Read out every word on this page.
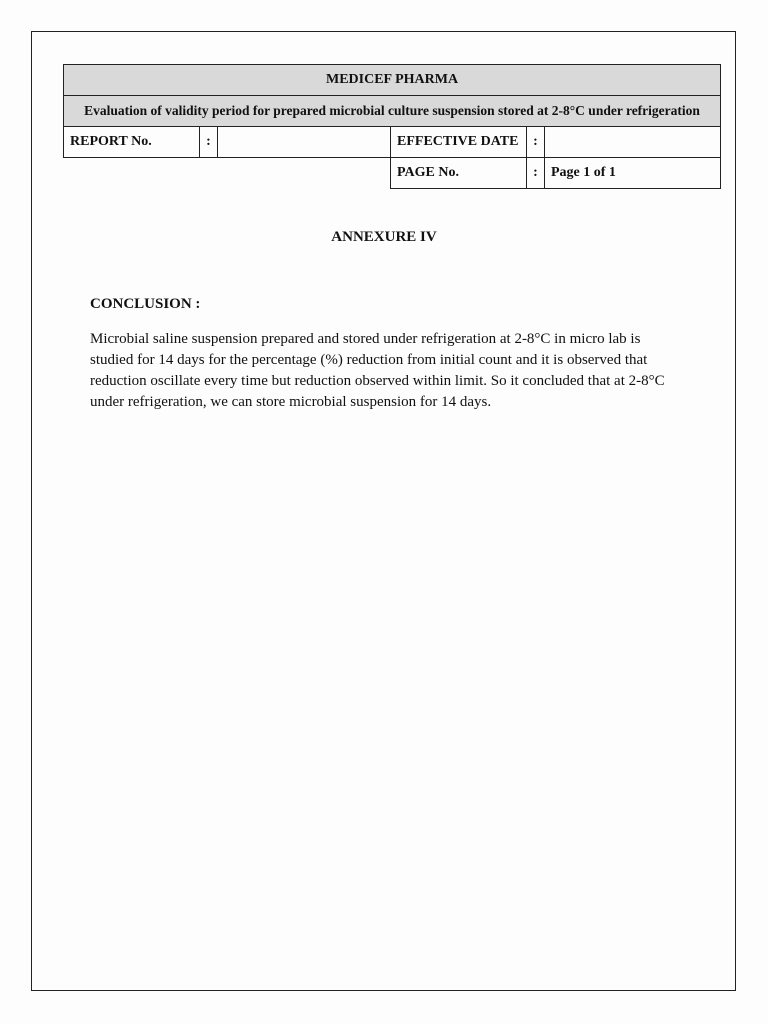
MEDICEF PHARMA					
Evaluation of validity period for prepared microbial culture suspension stored at 2-8°C under refrigeration					
REPORT No.	:		EFFECTIVE DATE	:	
			PAGE No.	:	Page 1 of 1
ANNEXURE IV
CONCLUSION :
Microbial saline suspension prepared and stored under refrigeration at 2-8°C in micro lab is studied for 14 days for the percentage (%) reduction from initial count and it is observed that reduction oscillate every time but reduction observed within limit. So it concluded that at 2-8°C under refrigeration, we can store microbial suspension for 14 days.
